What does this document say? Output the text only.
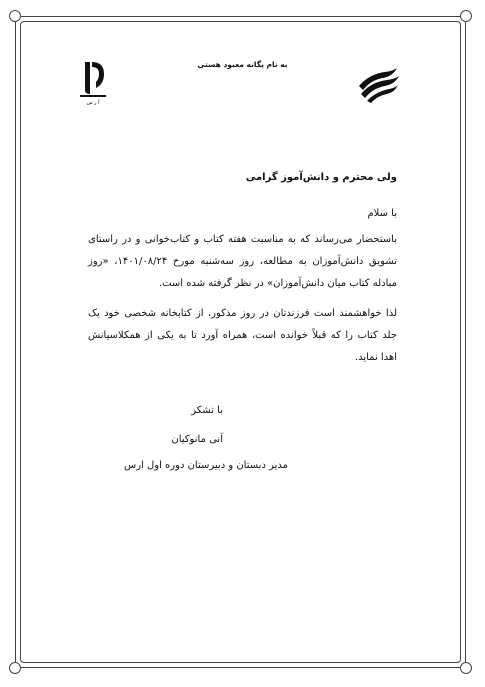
به نام یگانه معبود هستی
آ ر س
ولی محترم و دانش‌آموز گرامی
با سلام
باستحضار می‌رساند که به مناسبت هفته کتاب و کتاب‌خوانی و در راستای تشویق دانش‌آموزان به مطالعه، روز سه‌شنبه مورخ ۱۴۰۱/۰۸/۲۴، «روز مبادله کتاب میان دانش‌آموزان» در نظر گرفته شده است.
لذا خواهشمند است فرزندتان در روز مذکور، از کتابخانه شخصی خود یک جلد کتاب را که قبلاً خوانده است، همراه آورد تا به یکی از همکلاسیانش اهدا نماید.
با تشکر
آنی مانوکیان
مدیر دبستان و دبیرستان دوره اول ارس
